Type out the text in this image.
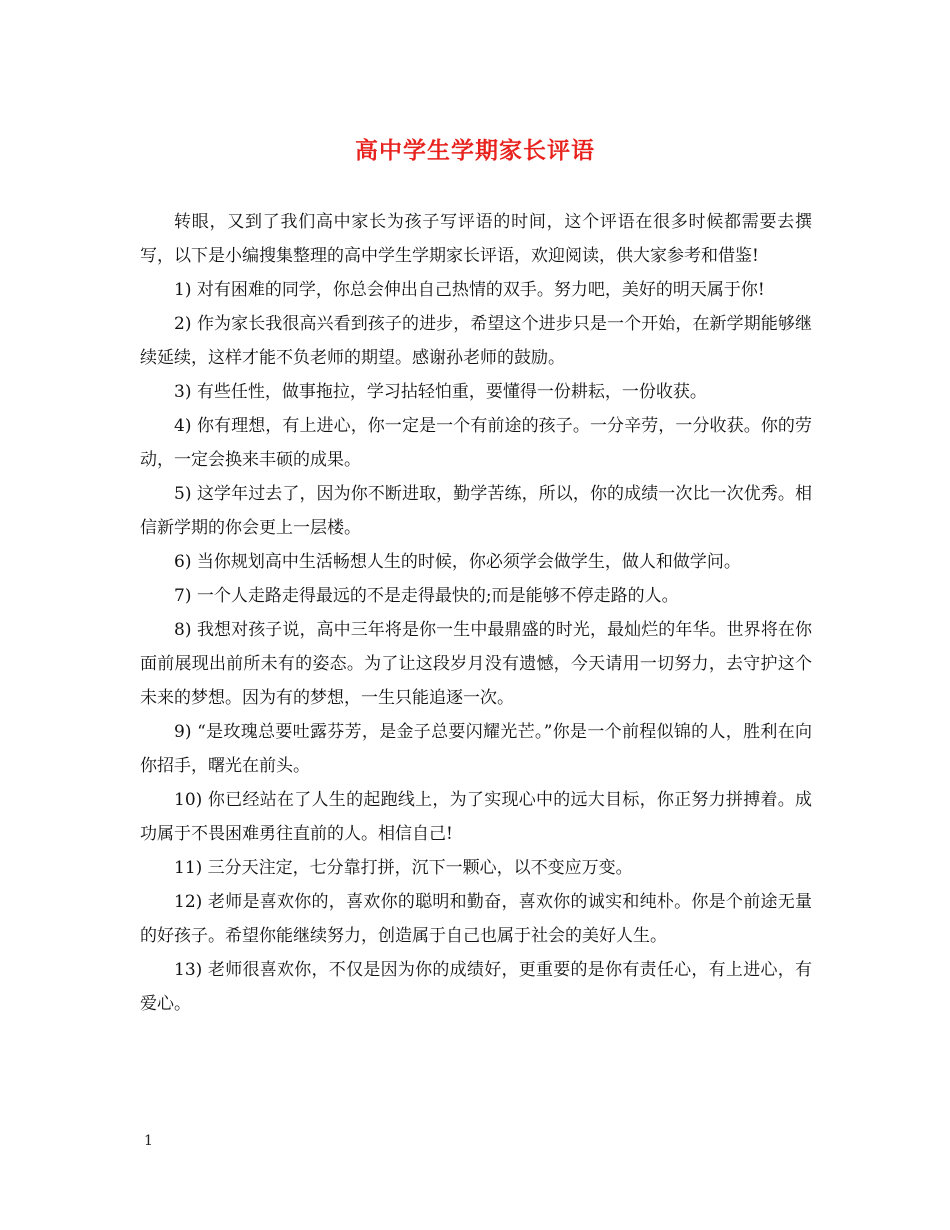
高中学生学期家长评语

转眼，又到了我们高中家长为孩子写评语的时间，这个评语在很多时候都需要去撰写，以下是小编搜集整理的高中学生学期家长评语，欢迎阅读，供大家参考和借鉴!

1) 对有困难的同学，你总会伸出自己热情的双手。努力吧，美好的明天属于你!

2) 作为家长我很高兴看到孩子的进步，希望这个进步只是一个开始，在新学期能够继续延续，这样才能不负老师的期望。感谢孙老师的鼓励。

3) 有些任性，做事拖拉，学习拈轻怕重，要懂得一份耕耘，一份收获。

4) 你有理想，有上进心，你一定是一个有前途的孩子。一分辛劳，一分收获。你的劳动，一定会换来丰硕的成果。

5) 这学年过去了，因为你不断进取，勤学苦练，所以，你的成绩一次比一次优秀。相信新学期的你会更上一层楼。

6) 当你规划高中生活畅想人生的时候，你必须学会做学生，做人和做学问。

7) 一个人走路走得最远的不是走得最快的;而是能够不停走路的人。

8) 我想对孩子说，高中三年将是你一生中最鼎盛的时光，最灿烂的年华。世界将在你面前展现出前所未有的姿态。为了让这段岁月没有遗憾，今天请用一切努力，去守护这个未来的梦想。因为有的梦想，一生只能追逐一次。

9) “是玫瑰总要吐露芬芳，是金子总要闪耀光芒。”你是一个前程似锦的人，胜利在向你招手，曙光在前头。

10) 你已经站在了人生的起跑线上，为了实现心中的远大目标，你正努力拼搏着。成功属于不畏困难勇往直前的人。相信自己!

11) 三分天注定，七分靠打拼，沉下一颗心，以不变应万变。

12) 老师是喜欢你的，喜欢你的聪明和勤奋，喜欢你的诚实和纯朴。你是个前途无量的好孩子。希望你能继续努力，创造属于自己也属于社会的美好人生。

13) 老师很喜欢你，不仅是因为你的成绩好，更重要的是你有责任心，有上进心，有爱心。

1
